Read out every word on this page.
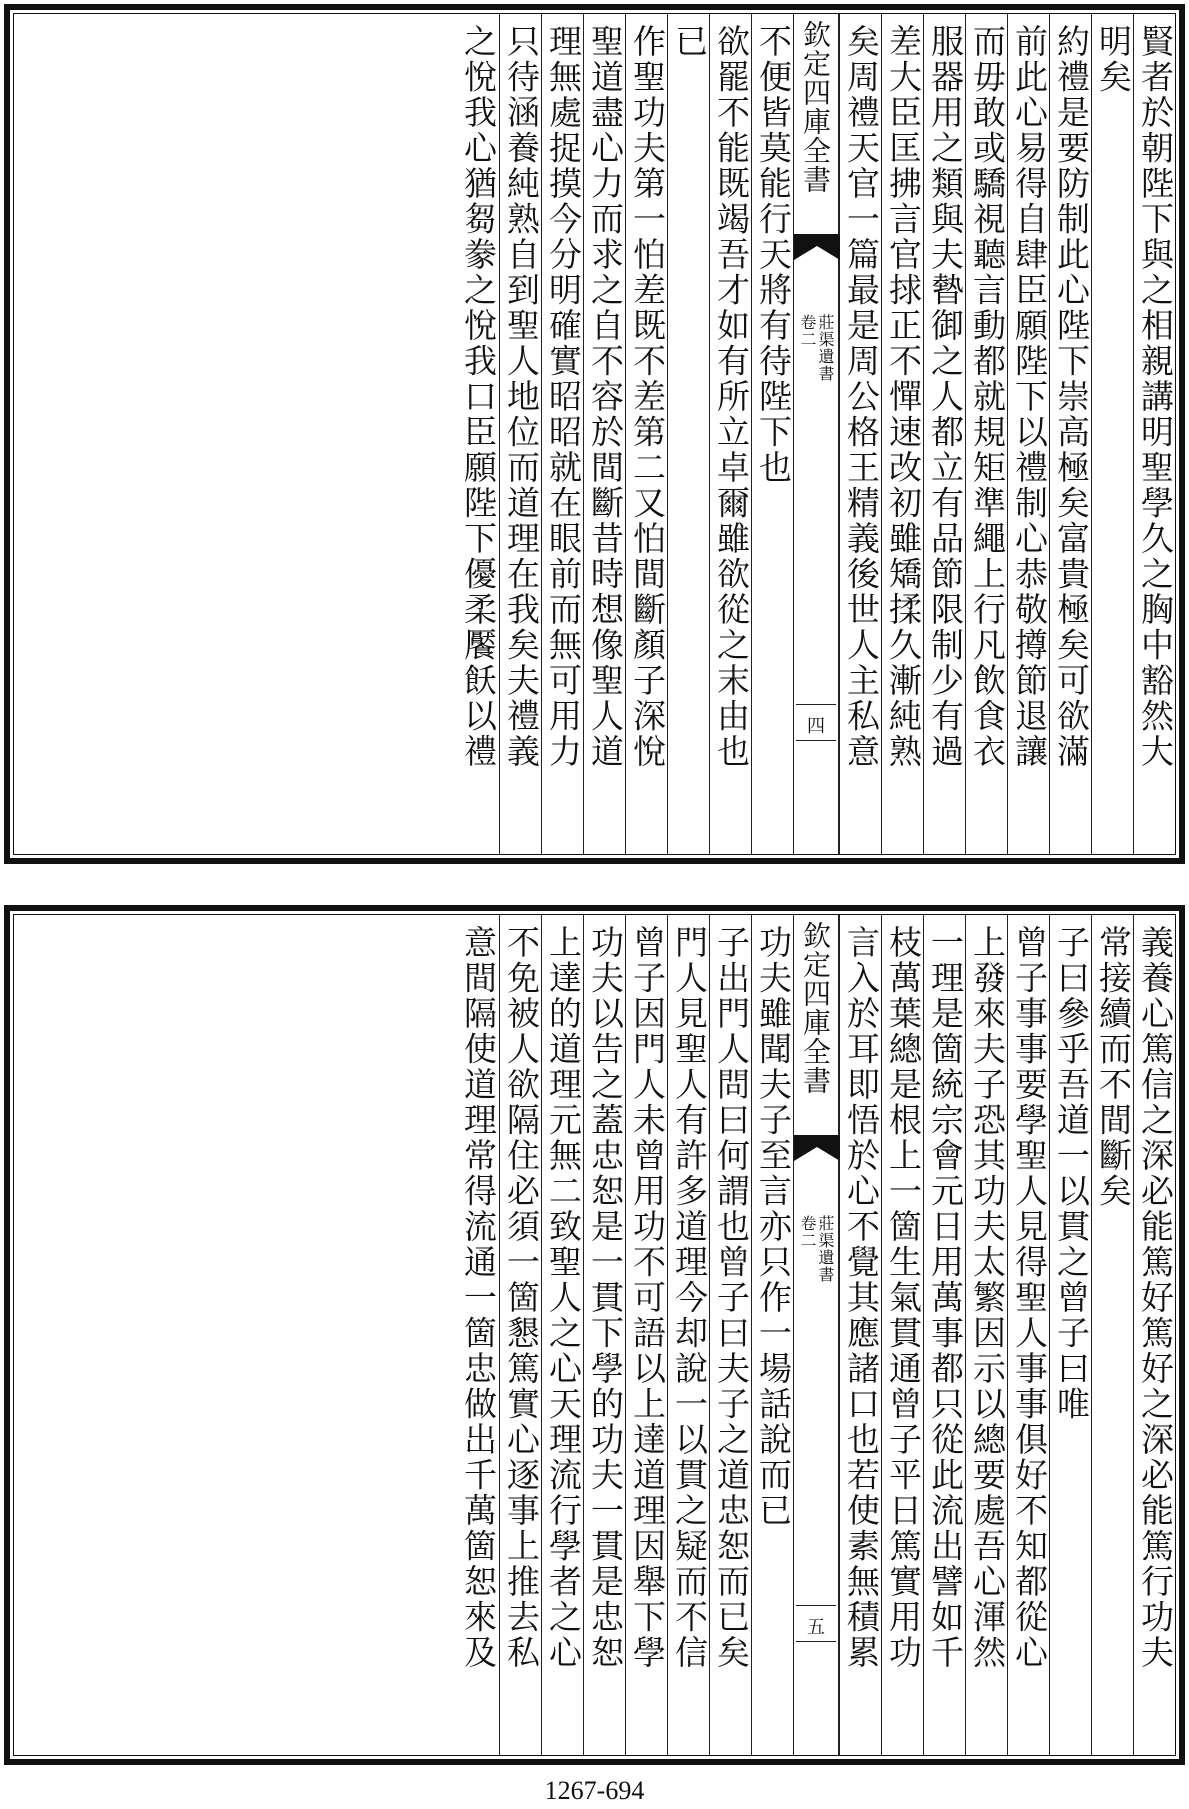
賢者於朝陛下與之相親講明聖學久之胸中豁然大
明矣
約禮是要防制此心陛下崇高極矣富貴極矣可欲滿
前此心易得自肆臣願陛下以禮制心恭敬撙節退讓
而毋敢或驕視聽言動都就規矩準繩上行凡飲食衣
服器用之類與夫暬御之人都立有品節限制少有過
差大臣匡拂言官捄正不憚速改初雖矯揉久漸純熟
矣周禮天官一篇最是周公格王精義後世人主私意
欽定四庫全書
莊渠遺書
卷二
四
不便皆莫能行天將有待陛下也
欲罷不能既竭吾才如有所立卓爾雖欲從之末由也
已
作聖功夫第一怕差既不差第二又怕間斷顏子深悅
聖道盡心力而求之自不容於間斷昔時想像聖人道
理無處捉摸今分明確實昭昭就在眼前而無可用力
只待涵養純熟自到聖人地位而道理在我矣夫禮義
之悅我心猶芻豢之悅我口臣願陛下優柔饜飫以禮
義養心篤信之深必能篤好篤好之深必能篤行功夫
常接續而不間斷矣
子曰參乎吾道一以貫之曾子曰唯
曾子事事要學聖人見得聖人事事俱好不知都從心
上發來夫子恐其功夫太繁因示以總要處吾心渾然
一理是箇統宗會元日用萬事都只從此流出譬如千
枝萬葉總是根上一箇生氣貫通曾子平日篤實用功
言入於耳即悟於心不覺其應諸口也若使素無積累
欽定四庫全書
莊渠遺書
卷二
五
功夫雖聞夫子至言亦只作一場話說而已
子出門人問曰何謂也曾子曰夫子之道忠恕而已矣
門人見聖人有許多道理今却說一以貫之疑而不信
曾子因門人未曾用功不可語以上達道理因舉下學
功夫以告之蓋忠恕是一貫下學的功夫一貫是忠恕
上達的道理元無二致聖人之心天理流行學者之心
不免被人欲隔住必須一箇懇篤實心逐事上推去私
意間隔使道理常得流通一箇忠做出千萬箇恕來及
1267-694
